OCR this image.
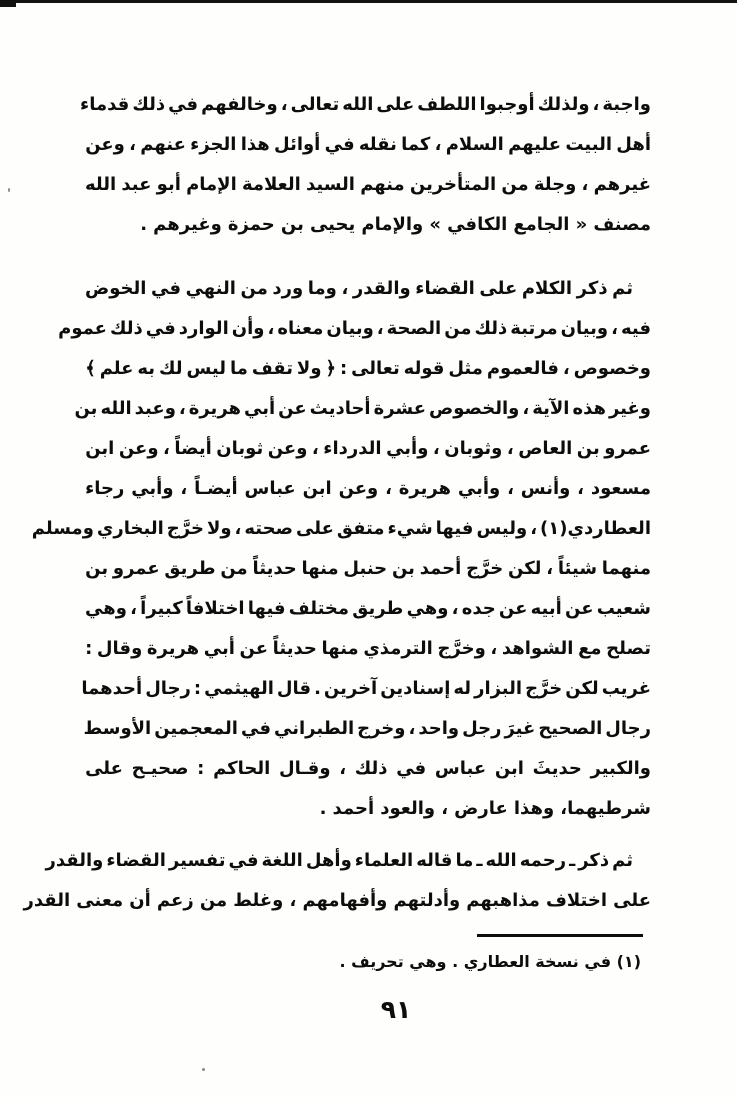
واجبة
،
ولذلك
أوجبوا
اللطف
على
الله
تعالى
،
وخالفهم
في
ذلك
قدماء
أهل
البيت
عليهم
السلام
،
كما
نقله
في
أوائل
هذا
الجزء
عنهم
،
وعن
غيرهم
،
وجلة
من
المتأخرين
منهم
السيد
العلامة
الإمام
أبو
عبد
الله
مصنف
«
الجامع
الكافي
»
والإمام
يحيى
بن
حمزة
وغيرهم
.
ثم
ذكر
الكلام
على
القضاء
والقدر
،
وما
ورد
من
النهي
في
الخوض
فيه
،
وبيان
مرتبة
ذلك
من
الصحة
،
وبيان
معناه
،
وأن
الوارد
في
ذلك
عموم
وخصوص
،
فالعموم
مثل
قوله
تعالى
:
﴿
ولا
تقف
ما
ليس
لك
به
علم
﴾
وغير
هذه
الآية
،
والخصوص
عشرة
أحاديث
عن
أبي
هريرة
،
وعبد
الله
بن
عمرو
بن
العاص
،
وثوبان
،
وأبي
الدرداء
،
وعن
ثوبان
أيضاً
،
وعن
ابن
مسعود
،
وأنس
،
وأبي
هريرة
،
وعن
ابن
عباس
أيضـاً
،
وأبي
رجاء
العطاردي(١)
،
وليس
فيها
شيء
متفق
على
صحته
،
ولا
خرَّج
البخاري
ومسلم
منهما
شيئاً
،
لكن
خرَّج
أحمد
بن
حنبل
منها
حديثاً
من
طريق
عمرو
بن
شعيب
عن
أبيه
عن
جده
،
وهي
طريق
مختلف
فيها
اختلافاً
كبيراً
،
وهي
تصلح
مع
الشواهد
،
وخرَّج
الترمذي
منها
حديثاً
عن
أبي
هريرة
وقال
:
غريب
لكن
خرَّج
البزار
له
إسنادين
آخرين
.
قال
الهيثمي
:
رجال
أحدهما
رجال
الصحيح
غيرَ
رجل
واحد
،
وخرج
الطبراني
في
المعجمين
الأوسط
والكبير
حديثَ
ابن
عباس
في
ذلك
،
وقـال
الحاكم
:
صحيـح
على
شرطيهما،
وهذا
عارض
،
والعود
أحمد
.
ثم
ذكر
ـ
رحمه
الله
ـ
ما
قاله
العلماء
وأهل
اللغة
في
تفسير
القضاء
والقدر
على
اختلاف
مذاهبهم
وأدلتهم
وأفهامهم
،
وغلط
من
زعم
أن
معنى
القدر
(١) في نسخة العطاري . وهي تحريف .
٩١
